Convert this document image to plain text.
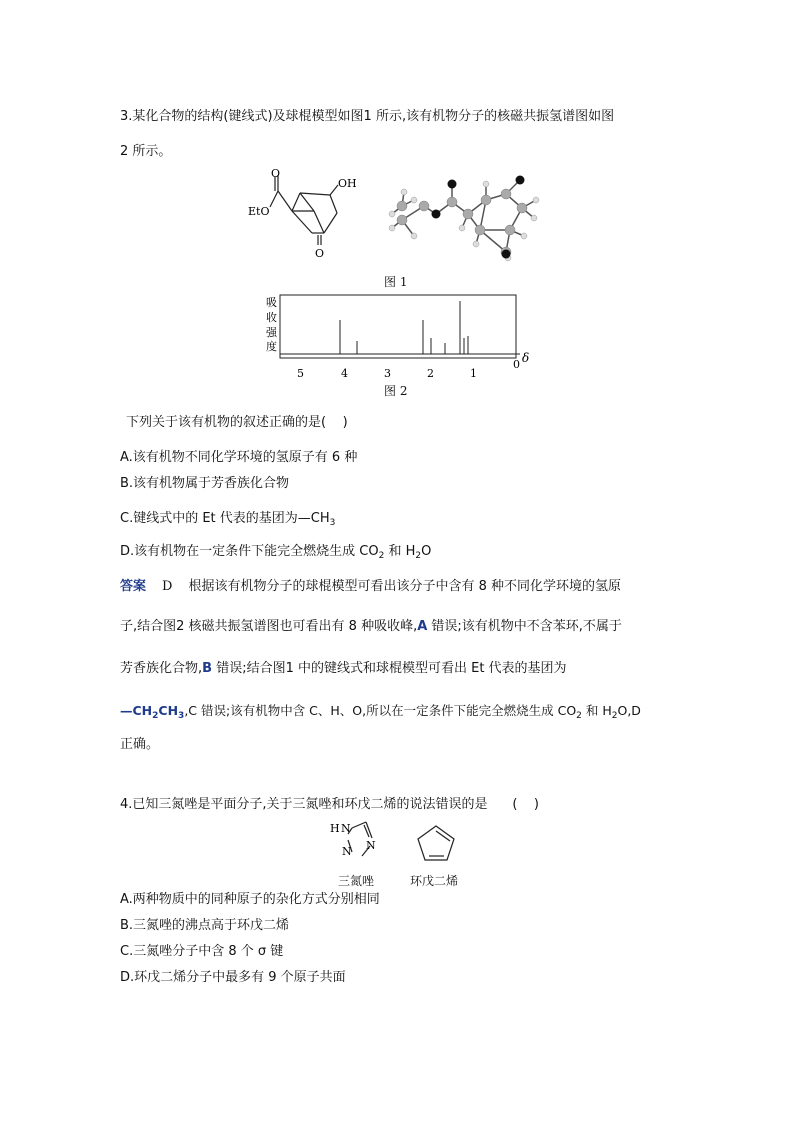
3.某化合物的结构(键线式)及球棍模型如图1 所示,该有机物分子的核磁共振氢谱图如图
2 所示。
O
EtO
OH
O
图 1
吸
收
强
度
δ
5	4	3	2	1
0
图 2
下列关于该有机物的叙述正确的是(    )
A.该有机物不同化学环境的氢原子有 6 种
B.该有机物属于芳香族化合物
C.键线式中的 Et 代表的基团为$—CH_3$
D.该有机物在一定条件下能完全燃烧生成 $CO_2$ 和 $H_2O$
答案 D 根据该有机物分子的球棍模型可看出该分子中含有 8 种不同化学环境的氢原
子,结合图2 核磁共振氢谱图也可看出有 8 种吸收峰,A 错误;该有机物中不含苯环,不属于
芳香族化合物,B 错误;结合图1 中的键线式和球棍模型可看出 Et 代表的基团为
$—CH_2CH_3,C$ 错误;该有机物中含 C、H、O,所以在一定条件下能完全燃烧生成 $CO_2$ 和 $H_2O,D$
正确。
4.已知三氮唑是平面分子,关于三氮唑和环戊二烯的说法错误的是      (    )
H N
N
N
三氮唑	环戊二烯
A.两种物质中的同种原子的杂化方式分别相同
B.三氮唑的沸点高于环戊二烯
C.三氮唑分子中含 8 个 σ 键
D.环戊二烯分子中最多有 9 个原子共面
